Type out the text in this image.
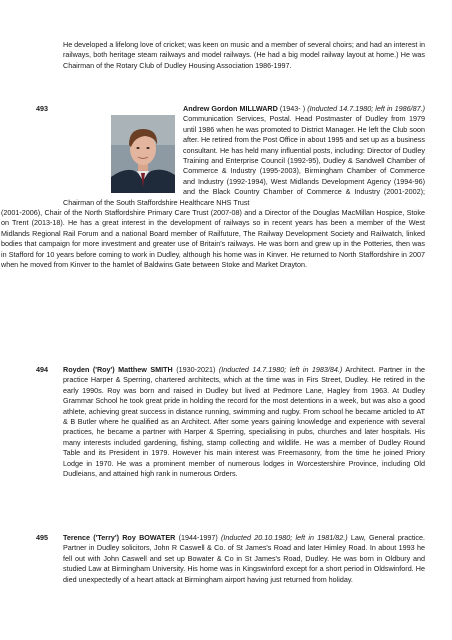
He developed a lifelong love of cricket; was keen on music and a member of several choirs; and had an interest in railways, both heritage steam railways and model railways. (He had a big model railway layout at home.) He was Chairman of the Rotary Club of Dudley Housing Association 1986-1997.

493	Andrew Gordon MILLWARD (1943- ) (Inducted 14.7.1980; left in 1986/87.) Communication Services, Postal. Head Postmaster of Dudley from 1979 until 1986 when he was promoted to District Manager. He left the Club soon after. He retired from the Post Office in about 1995 and set up as a business consultant. He has held many influential posts, including: Director of Dudley Training and Enterprise Council (1992-95), Dudley & Sandwell Chamber of Commerce & Industry (1995-2003), Birmingham Chamber of Commerce and Industry (1992-1994), West Midlands Development Agency (1994-96) and the Black Country Chamber of Commerce & Industry (2001-2002); Chairman of the South Staffordshire Healthcare NHS Trust

(2001-2006), Chair of the North Staffordshire Primary Care Trust (2007-08) and a Director of the Douglas MacMillan Hospice, Stoke on Trent (2013-18). He has a great interest in the development of railways so in recent years has been a member of the West Midlands Regional Rail Forum and a national Board member of Railfuture, The Railway Development Society and Railwatch, linked bodies that campaign for more investment and greater use of Britain's railways. He was born and grew up in the Potteries, then was in Stafford for 10 years before coming to work in Dudley, although his home was in Kinver. He returned to North Staffordshire in 2007 when he moved from Kinver to the hamlet of Baldwins Gate between Stoke and Market Drayton.

494	Royden ('Roy') Matthew SMITH (1930-2021) (Inducted 14.7.1980; left in 1983/84.) Architect. Partner in the practice Harper & Sperring, chartered architects, which at the time was in Firs Street, Dudley. He retired in the early 1990s. Roy was born and raised in Dudley but lived at Pedmore Lane, Hagley from 1963. At Dudley Grammar School he took great pride in holding the record for the most detentions in a week, but was also a good athlete, achieving great success in distance running, swimming and rugby. From school he became articled to AT & B Butler where he qualified as an Architect. After some years gaining knowledge and experience with several practices, he became a partner with Harper & Sperring, specialising in pubs, churches and later hospitals. His many interests included gardening, fishing, stamp collecting and wildlife. He was a member of Dudley Round Table and its President in 1979. However his main interest was Freemasonry, from the time he joined Priory Lodge in 1970. He was a prominent member of numerous lodges in Worcestershire Province, including Old Dudleians, and attained high rank in numerous Orders.

495	Terence ('Terry') Roy BOWATER (1944-1997) (Inducted 20.10.1980; left in 1981/82.) Law, General practice. Partner in Dudley solicitors, John R Caswell & Co. of St James's Road and later Himley Road. In about 1993 he fell out with John Caswell and set up Bowater & Co in St James's Road, Dudley. He was born in Oldbury and studied Law at Birmingham University. His home was in Kingswinford except for a short period in Oldswinford. He died unexpectedly of a heart attack at Birmingham airport having just returned from holiday.
